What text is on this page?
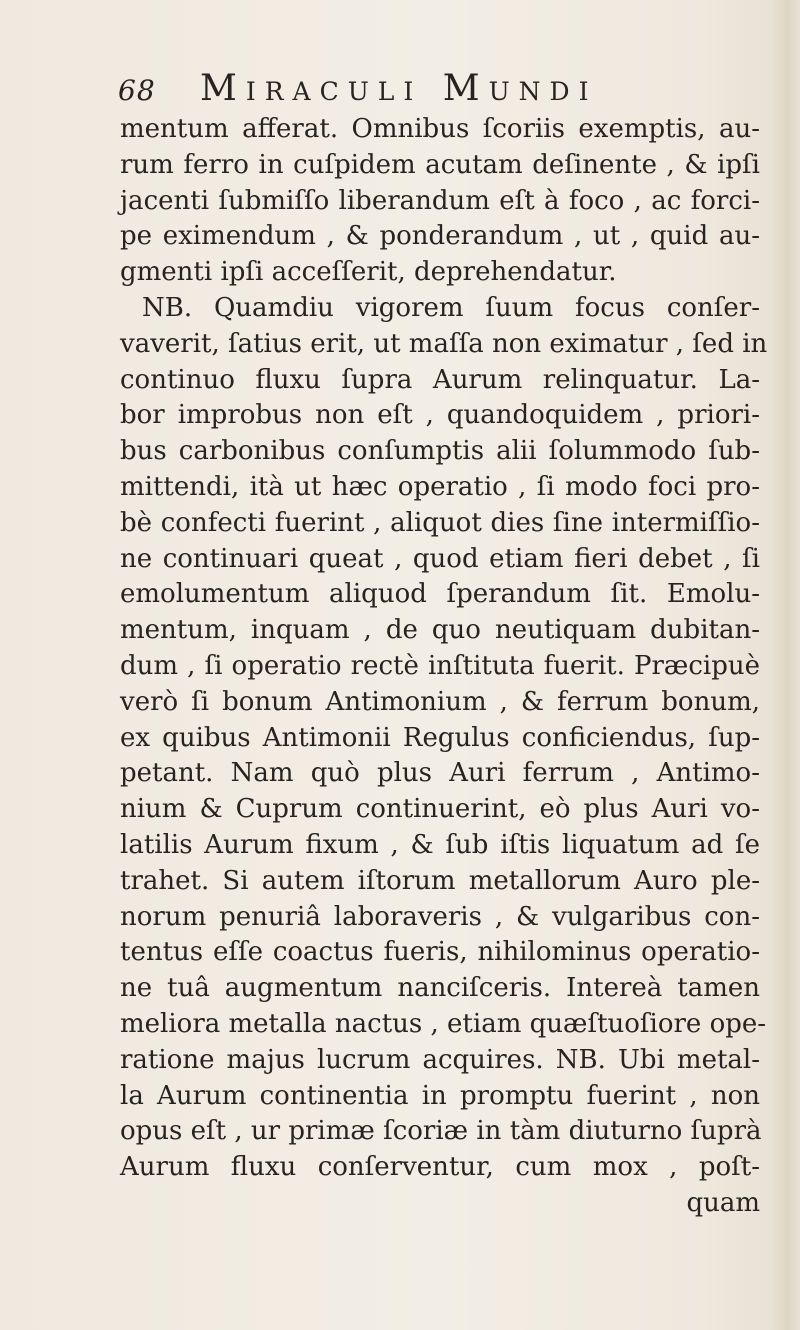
68	Miraculi Mundi
mentum afferat. Omnibus ſcoriis exemptis, au-
rum ferro in cuſpidem acutam deſinente , & ipſi
jacenti ſubmiſſo liberandum eſt à foco , ac forci-
pe eximendum , & ponderandum , ut , quid au-
gmenti ipſi acceſſerit, deprehendatur.
NB. Quamdiu vigorem ſuum focus conſer-
vaverit, ſatius erit, ut maſſa non eximatur , ſed in
continuo fluxu ſupra Aurum relinquatur. La-
bor improbus non eſt , quandoquidem , priori-
bus carbonibus conſumptis alii ſolummodo ſub-
mittendi, ità ut hæc operatio , ſi modo foci pro-
bè confecti fuerint , aliquot dies ſine intermiſſio-
ne continuari queat , quod etiam fieri debet , ſi
emolumentum aliquod ſperandum ſit. Emolu-
mentum, inquam , de quo neutiquam dubitan-
dum , ſi operatio rectè inſtituta fuerit. Præcipuè
verò ſi bonum Antimonium , & ferrum bonum,
ex quibus Antimonii Regulus conficiendus, ſup-
petant. Nam quò plus Auri ferrum , Antimo-
nium & Cuprum continuerint, eò plus Auri vo-
latilis Aurum fixum , & ſub iſtis liquatum ad ſe
trahet. Si autem iſtorum metallorum Auro ple-
norum penuriâ laboraveris , & vulgaribus con-
tentus eſſe coactus fueris, nihilominus operatio-
ne tuâ augmentum nanciſceris. Intereà tamen
meliora metalla nactus , etiam quæſtuoſiore ope-
ratione majus lucrum acquires. NB. Ubi metal-
la Aurum continentia in promptu fuerint , non
opus eſt , ur primæ ſcoriæ in tàm diuturno ſuprà
Aurum fluxu conſerventur, cum mox , poſt-
quam
